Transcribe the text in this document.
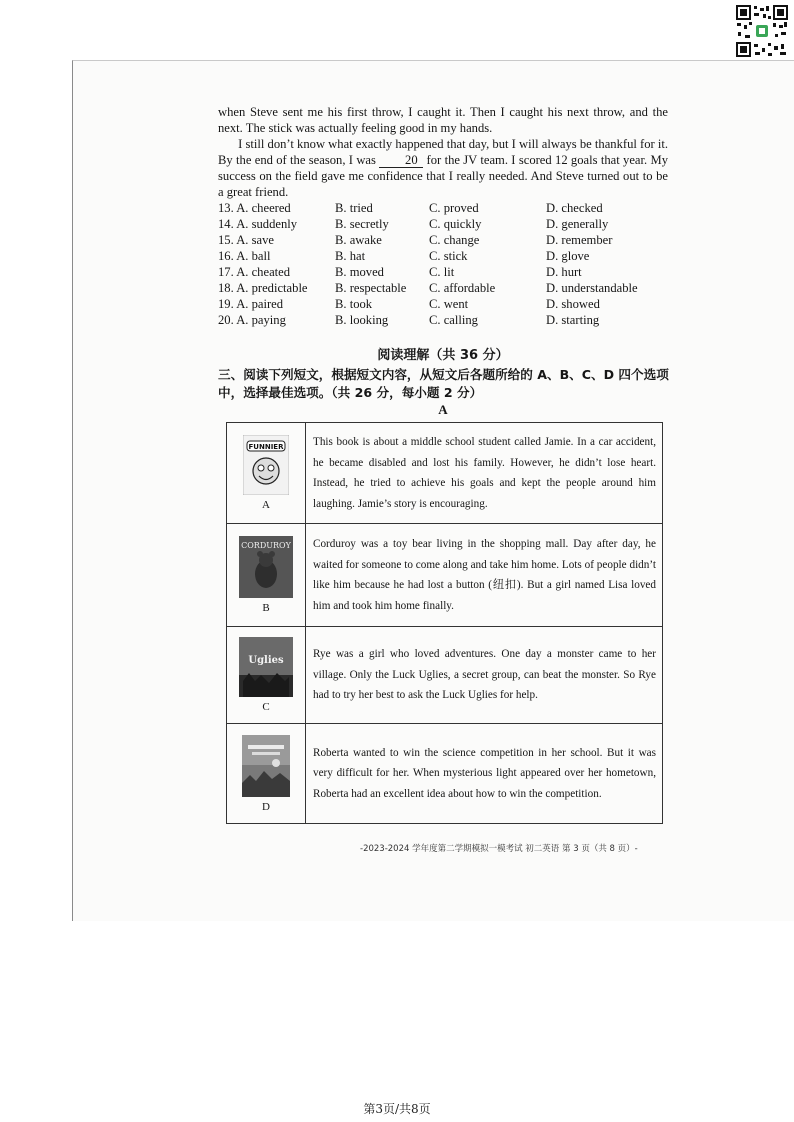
when Steve sent me his first throw, I caught it. Then I caught his next throw, and the next. The stick was actually feeling good in my hands.

I still don’t know what exactly happened that day, but I will always be thankful for it. By the end of the season, I was 20 for the JV team. I scored 12 goals that year. My success on the field gave me confidence that I really needed. And Steve turned out to be a great friend.

13. A. cheered	B. tried	C. proved	D. checked
14. A. suddenly	B. secretly	C. quickly	D. generally
15. A. save	B. awake	C. change	D. remember
16. A. ball	B. hat	C. stick	D. glove
17. A. cheated	B. moved	C. lit	D. hurt
18. A. predictable	B. respectable	C. affordable	D. understandable
19. A. paired	B. took	C. went	D. showed
20. A. paying	B. looking	C. calling	D. starting
阅读理解（共 36 分）
三、阅读下列短文，根据短文内容，从短文后各题所给的 A、B、C、D 四个选项中，选择最佳选项。（共 26 分，每小题 2 分）
A
FUNNIER
A	This book is about a middle school student called Jamie. In a car accident, he became disabled and lost his family. However, he didn’t lose heart. Instead, he tried to achieve his goals and kept the people around him laughing. Jamie’s story is encouraging.

CORDUROY
B	Corduroy was a toy bear living in the shopping mall. Day after day, he waited for someone to come along and take him home. Lots of people didn’t like him because he had lost a button (纽扣). But a girl named Lisa loved him and took him home finally.

Uglies
C	Rye was a girl who loved adventures. One day a monster came to her village. Only the Luck Uglies, a secret group, can beat the monster. So Rye had to try her best to ask the Luck Uglies for help.

D	Roberta wanted to win the science competition in her school. But it was very difficult for her. When mysterious light appeared over her hometown, Roberta had an excellent idea about how to win the competition.
-2023-2024 学年度第二学期模拟一模考试 初二英语 第 3 页（共 8 页）-
第3页/共8页
